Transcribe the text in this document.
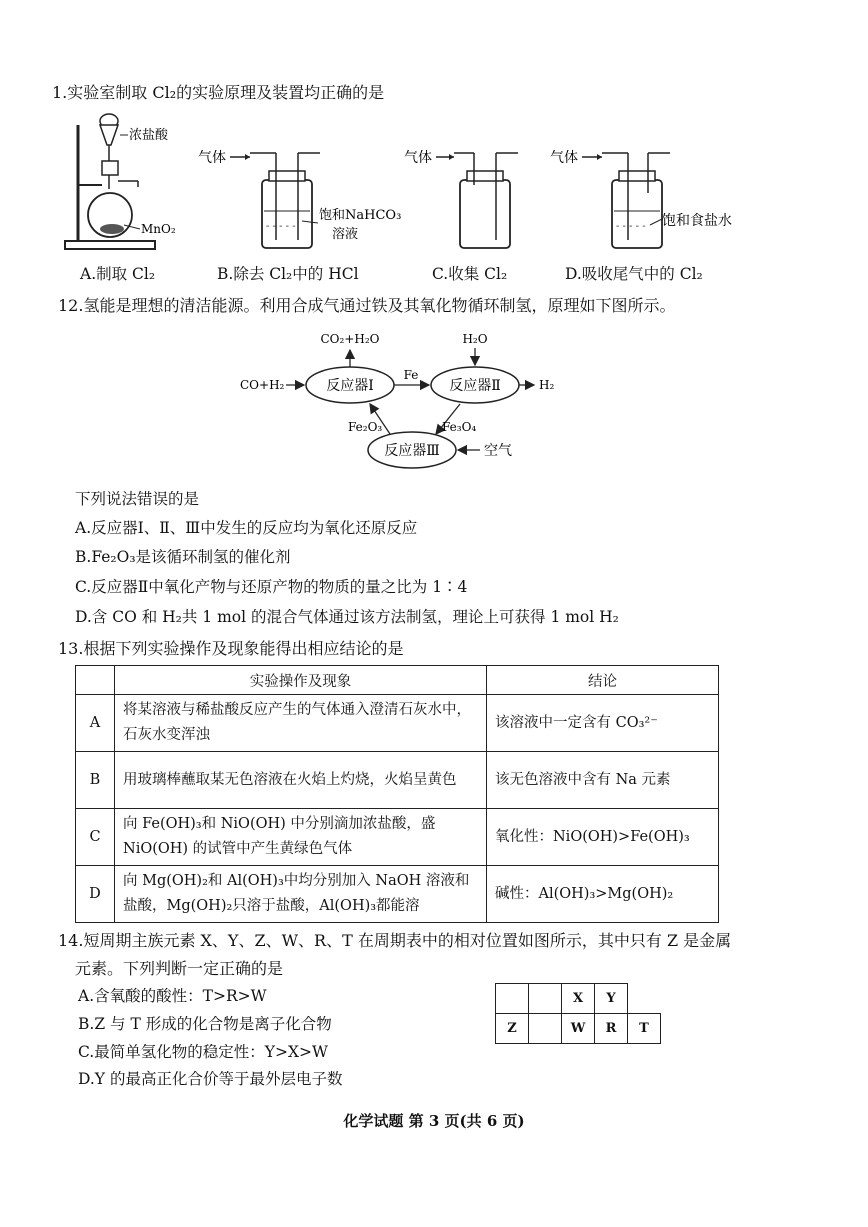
1.实验室制取 Cl₂的实验原理及装置均正确的是
浓盐酸
MnO₂
气体
- - - - -
饱和NaHCO₃
溶液
气体	气体
- - - - - 饱和食盐水
A.制取 Cl₂	B.除去 Cl₂中的 HCl	C.收集 Cl₂	D.吸收尾气中的 Cl₂
12.氢能是理想的清洁能源。利用合成气通过铁及其氧化物循环制氢，原理如下图所示。
反应器Ⅰ	反应器Ⅱ
反应器Ⅲ
CO+H₂
CO₂+H₂O
Fe
H₂O
H₂
Fe₂O₃	Fe₃O₄
空气
下列说法错误的是
A.反应器Ⅰ、Ⅱ、Ⅲ中发生的反应均为氧化还原反应
B.Fe₂O₃是该循环制氢的催化剂
C.反应器Ⅱ中氧化产物与还原产物的物质的量之比为 1∶4
D.含 CO 和 H₂共 1 mol 的混合气体通过该方法制氢，理论上可获得 1 mol H₂
13.根据下列实验操作及现象能得出相应结论的是
	实验操作及现象	结论
A	将某溶液与稀盐酸反应产生的气体通入澄清石灰水中，石灰水变浑浊	该溶液中一定含有 CO₃²⁻
B	用玻璃棒蘸取某无色溶液在火焰上灼烧，火焰呈黄色	该无色溶液中含有 Na 元素
C	向 Fe(OH)₃和 NiO(OH) 中分别滴加浓盐酸，盛 NiO(OH) 的试管中产生黄绿色气体	氧化性：NiO(OH)>Fe(OH)₃
D	向 Mg(OH)₂和 Al(OH)₃中均分别加入 NaOH 溶液和盐酸，Mg(OH)₂只溶于盐酸，Al(OH)₃都能溶	碱性：Al(OH)₃>Mg(OH)₂
14.短周期主族元素 X、Y、Z、W、R、T 在周期表中的相对位置如图所示，其中只有 Z 是金属
元素。下列判断一定正确的是
A.含氧酸的酸性：T>R>W
B.Z 与 T 形成的化合物是离子化合物
C.最简单氢化物的稳定性：Y>X>W
D.Y 的最高正化合价等于最外层电子数
		X	Y	
Z		W	R	T
化学试题 第 3 页(共 6 页)
